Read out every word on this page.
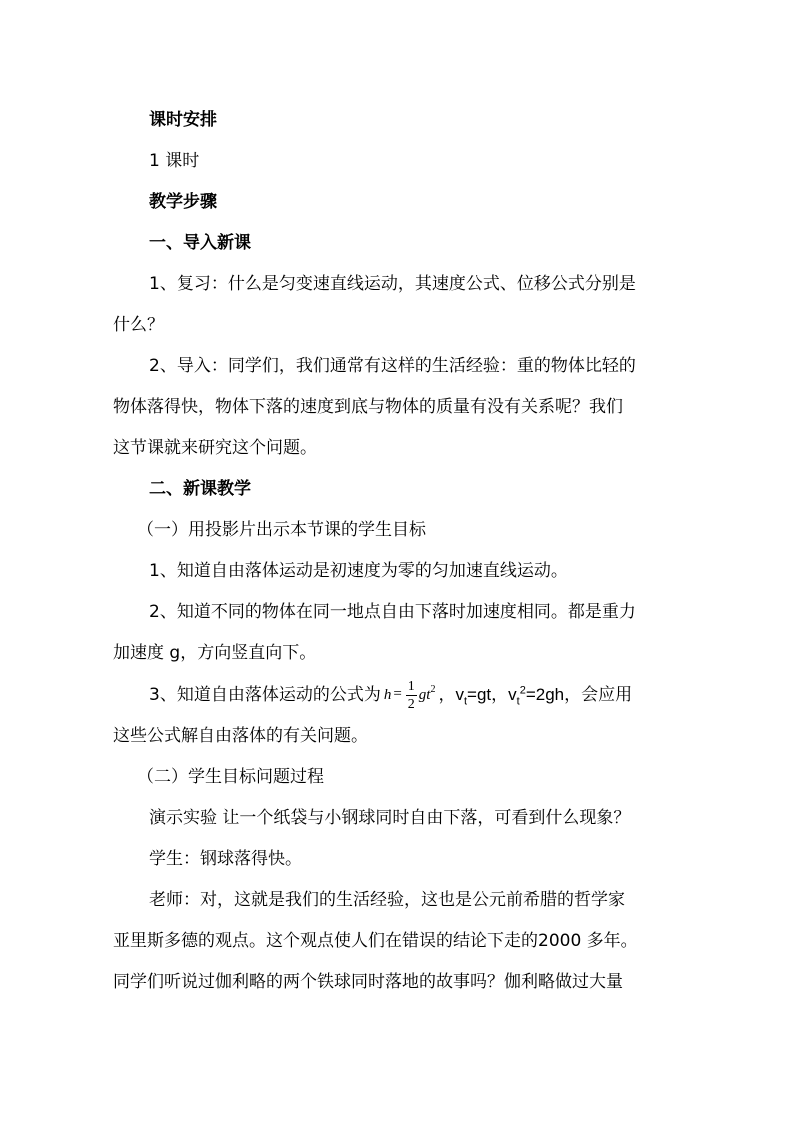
课时安排

1 课时

教学步骤

一、导入新课

1、复习：什么是匀变速直线运动，其速度公式、位移公式分别是

什么？

2、导入：同学们，我们通常有这样的生活经验：重的物体比轻的

物体落得快，物体下落的速度到底与物体的质量有没有关系呢？我们

这节课就来研究这个问题。

二、新课教学

（一）用投影片出示本节课的学生目标

1、知道自由落体运动是初速度为零的匀加速直线运动。

2、知道不同的物体在同一地点自由下落时加速度相同。都是重力

加速度 g，方向竖直向下。

3、知道自由落体运动的公式为 $h = \frac{1}{2} gt^2$ ，$v_t=gt$，$v_t^2=2gh$，会应用

这些公式解自由落体的有关问题。

（二）学生目标问题过程

演示实验 让一个纸袋与小钢球同时自由下落，可看到什么现象？

学生：钢球落得快。

老师：对，这就是我们的生活经验，这也是公元前希腊的哲学家

亚里斯多德的观点。这个观点使人们在错误的结论下走的2000 多年。

同学们听说过伽利略的两个铁球同时落地的故事吗？伽利略做过大量
